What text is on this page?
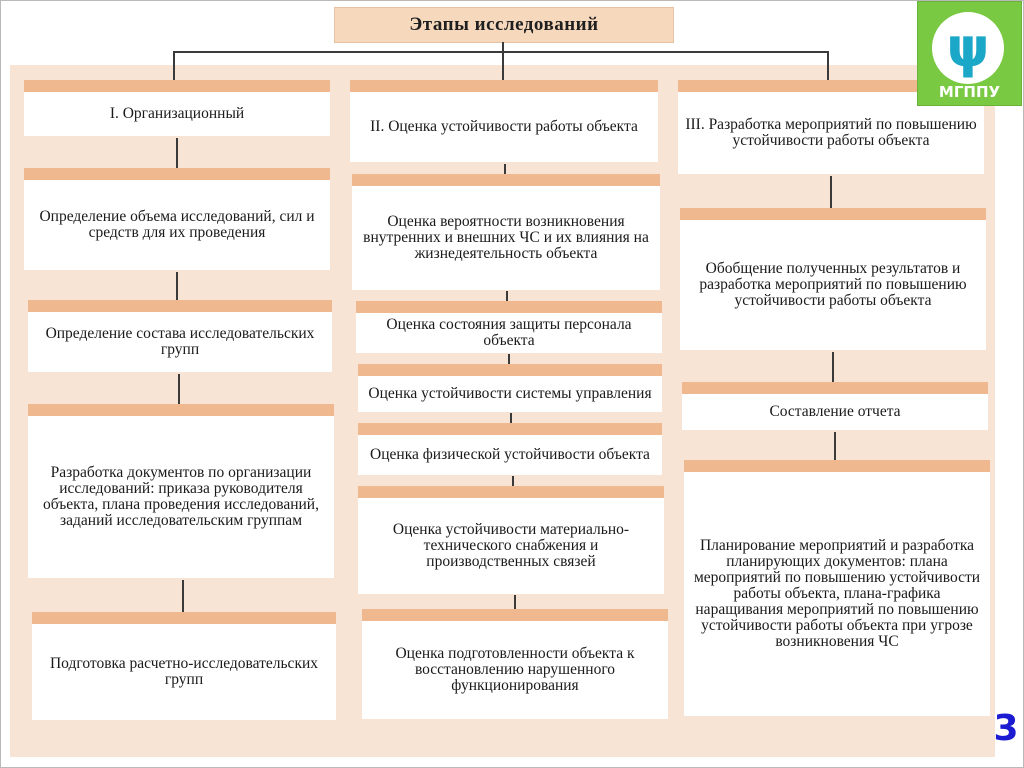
Этапы исследований
I. Организационный
Определение объема исследований, сил и средств для их проведения
Определение состава исследовательских групп
Разработка документов по организации исследований: приказа руководителя объекта, плана проведения исследований, заданий исследовательским группам
Подготовка расчетно-исследовательских групп
II. Оценка устойчивости работы объекта
Оценка вероятности возникновения внутренних и внешних ЧС и их влияния на жизнедеятельность объекта
Оценка состояния защиты персонала объекта
Оценка устойчивости системы управления
Оценка физической устойчивости объекта
Оценка устойчивости материально-технического снабжения и производственных связей
Оценка подготовленности объекта к восстановлению нарушенного функционирования
III. Разработка мероприятий по повышению устойчивости работы объекта
Обобщение полученных результатов и разработка мероприятий по повышению устойчивости работы объекта
Составление отчета
Планирование мероприятий и разработка планирующих документов: плана мероприятий по повышению устойчивости работы объекта, плана-графика наращивания мероприятий по повышению устойчивости работы объекта при угрозе возникновения ЧС
ψ
МГППУ
3
